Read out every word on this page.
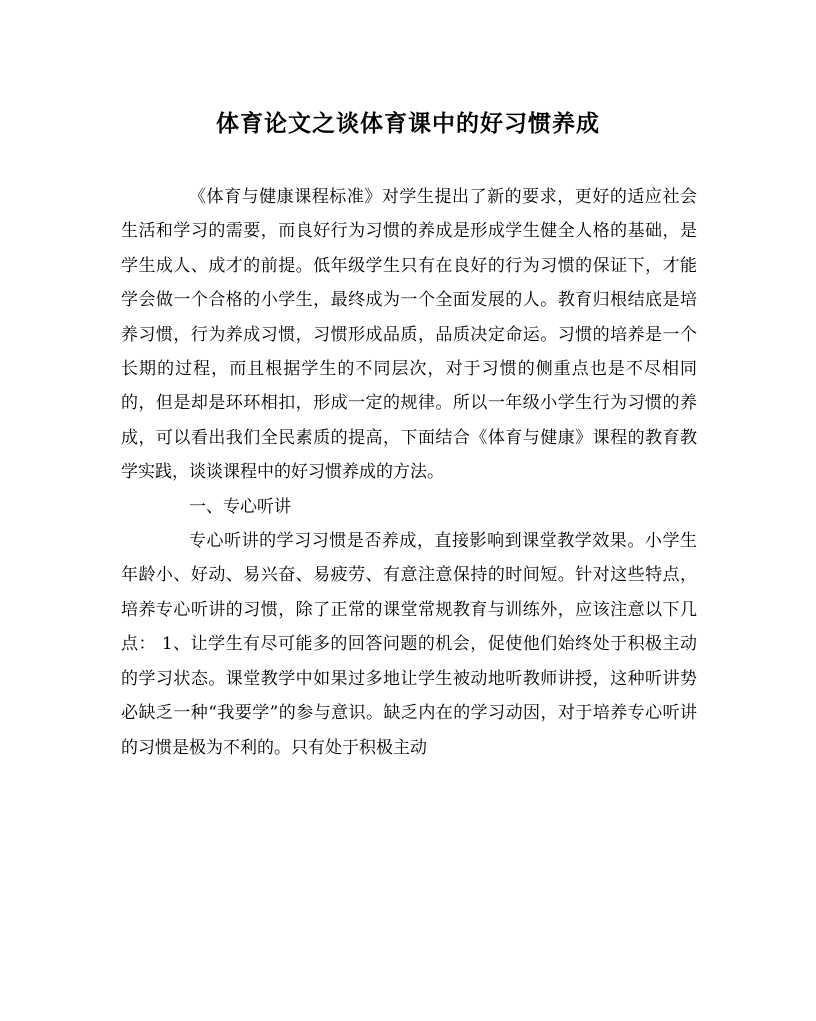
体育论文之谈体育课中的好习惯养成

《体育与健康课程标准》对学生提出了新的要求，更好的适应社会生活和学习的需要，而良好行为习惯的养成是形成学生健全人格的基础，是学生成人、成才的前提。低年级学生只有在良好的行为习惯的保证下，才能学会做一个合格的小学生，最终成为一个全面发展的人。教育归根结底是培养习惯，行为养成习惯，习惯形成品质，品质决定命运。习惯的培养是一个长期的过程，而且根据学生的不同层次，对于习惯的侧重点也是不尽相同的，但是却是环环相扣，形成一定的规律。所以一年级小学生行为习惯的养成，可以看出我们全民素质的提高，下面结合《体育与健康》课程的教育教学实践，谈谈课程中的好习惯养成的方法。

一、专心听讲

专心听讲的学习习惯是否养成，直接影响到课堂教学效果。小学生年龄小、好动、易兴奋、易疲劳、有意注意保持的时间短。针对这些特点，培养专心听讲的习惯，除了正常的课堂常规教育与训练外，应该注意以下几点： 1、让学生有尽可能多的回答问题的机会，促使他们始终处于积极主动的学习状态。课堂教学中如果过多地让学生被动地听教师讲授，这种听讲势必缺乏一种“我要学”的参与意识。缺乏内在的学习动因，对于培养专心听讲的习惯是极为不利的。只有处于积极主动
